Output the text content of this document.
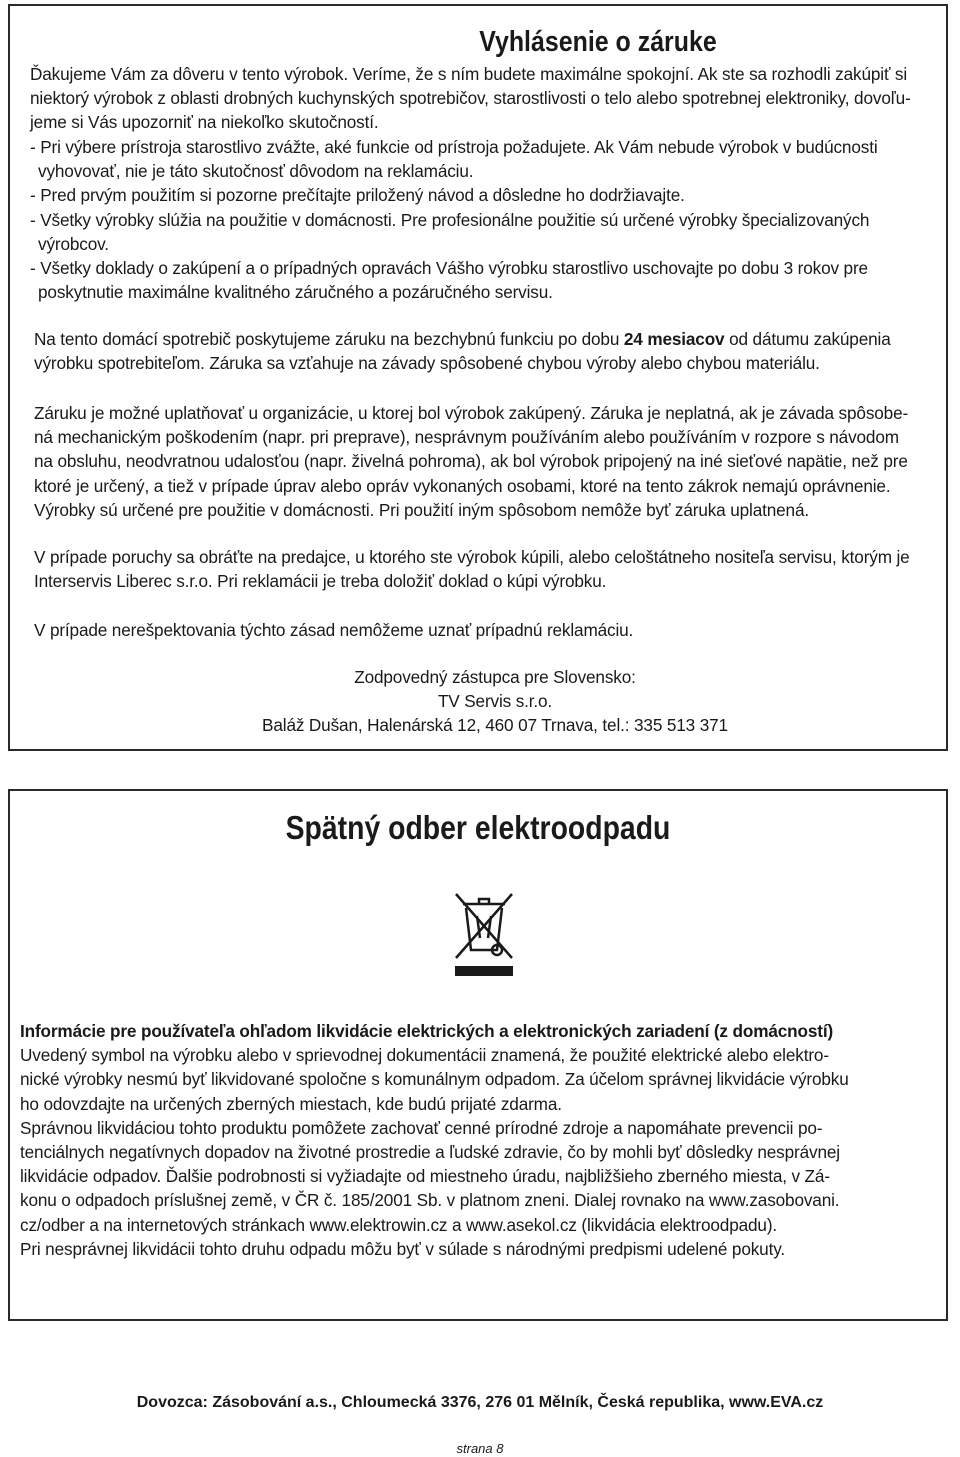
Vyhlásenie o záruke
Ďakujeme Vám za dôveru v tento výrobok. Veríme, že s ním budete maximálne spokojní. Ak ste sa rozhodli zakúpiť si
niektorý výrobok z oblasti drobných kuchynských spotrebičov, starostlivosti o telo alebo spotrebnej elektroniky, dovoľu-
jeme si Vás upozorniť na niekoľko skutočností.
- Pri výbere prístroja starostlivo zvážte, aké funkcie od prístroja požadujete. Ak Vám nebude výrobok v budúcnosti
vyhovovať, nie je táto skutočnosť dôvodom na reklamáciu.
- Pred prvým použitím si pozorne prečítajte priložený návod a dôsledne ho dodržiavajte.
- Všetky výrobky slúžia na použitie v domácnosti. Pre profesionálne použitie sú určené výrobky špecializovaných
výrobcov.
- Všetky doklady o zakúpení a o prípadných opravách Vášho výrobku starostlivo uschovajte po dobu 3 rokov pre
poskytnutie maximálne kvalitného záručného a pozáručného servisu.
Na tento domácí spotrebič poskytujeme záruku na bezchybnú funkciu po dobu 24 mesiacov od dátumu zakúpenia
výrobku spotrebiteľom. Záruka sa vzťahuje na závady spôsobené chybou výroby alebo chybou materiálu.
Záruku je možné uplatňovať u organizácie, u ktorej bol výrobok zakúpený. Záruka je neplatná, ak je závada spôsobe-
ná mechanickým poškodením (napr. pri preprave), nesprávnym používáním alebo používáním v rozpore s návodom
na obsluhu, neodvratnou udalosťou (napr. živelná pohroma), ak bol výrobok pripojený na iné sieťové napätie, než pre
ktoré je určený, a tiež v prípade úprav alebo opráv vykonaných osobami, ktoré na tento zákrok nemajú oprávnenie.
Výrobky sú určené pre použitie v domácnosti. Pri použití iným spôsobom nemôže byť záruka uplatnená.
V prípade poruchy sa obráťte na predajce, u ktorého ste výrobok kúpili, alebo celoštátneho nositeľa servisu, ktorým je
Interservis Liberec s.r.o. Pri reklamácii je treba doložiť doklad o kúpi výrobku.
V prípade nerešpektovania týchto zásad nemôžeme uznať prípadnú reklamáciu.
Zodpovedný zástupca pre Slovensko:
TV Servis s.r.o.
Baláž Dušan, Halenárská 12, 460 07 Trnava, tel.: 335 513 371
Spätný odber elektroodpadu
Informácie pre používateľa ohľadom likvidácie elektrických a elektronických zariadení (z domácností)
Uvedený symbol na výrobku alebo v sprievodnej dokumentácii znamená, že použité elektrické alebo elektro-
nické výrobky nesmú byť likvidované spoločne s komunálnym odpadom. Za účelom správnej likvidácie výrobku
ho odovzdajte na určených zberných miestach, kde budú prijaté zdarma.
Správnou likvidáciou tohto produktu pomôžete zachovať cenné prírodné zdroje a napomáhate prevencii po-
tenciálnych negatívnych dopadov na životné prostredie a ľudské zdravie, čo by mohli byť dôsledky nesprávnej
likvidácie odpadov. Ďalšie podrobnosti si vyžiadajte od miestneho úradu, najbližšieho zberného miesta, v Zá-
konu o odpadoch príslušnej země, v ČR č. 185/2001 Sb. v platnom zneni. Dialej rovnako na www.zasobovani.
cz/odber a na internetových stránkach www.elektrowin.cz a www.asekol.cz (likvidácia elektroodpadu).
Pri nesprávnej likvidácii tohto druhu odpadu môžu byť v súlade s národnými predpismi udelené pokuty.
Dovozca: Zásobování a.s., Chloumecká 3376, 276 01 Mělník, Česká republika, www.EVA.cz
strana 8
